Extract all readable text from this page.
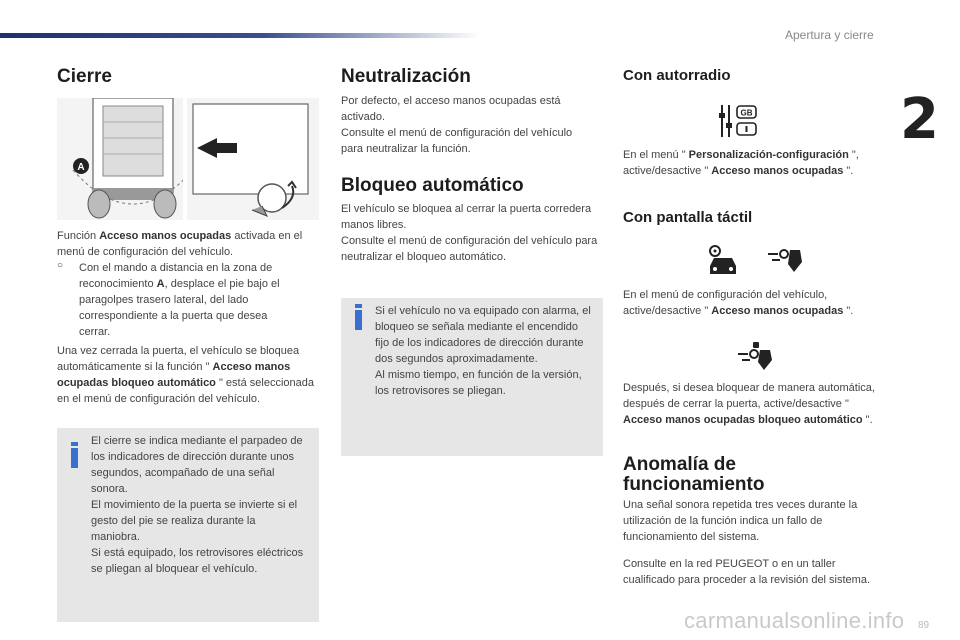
Apertura y cierre
2
89
carmanualsonline.info
Cierre
A

Función Acceso manos ocupadas activada en el menú de configuración del vehículo.

○	Con el mando a distancia en la zona de reconocimiento A, desplace el pie bajo el paragolpes trasero lateral, del lado correspondiente a la puerta que desea cerrar.

Una vez cerrada la puerta, el vehículo se bloquea automáticamente si la función " Acceso manos ocupadas bloqueo automático " está seleccionada en el menú de configuración del vehículo.

El cierre se indica mediante el parpadeo de los indicadores de dirección durante unos segundos, acompañado de una señal sonora.
El movimiento de la puerta se invierte si el gesto del pie se realiza durante la maniobra.
Si está equipado, los retrovisores eléctricos se pliegan al bloquear el vehículo.

Neutralización

Por defecto, el acceso manos ocupadas está activado.
Consulte el menú de configuración del vehículo para neutralizar la función.

Bloqueo automático

El vehículo se bloquea al cerrar la puerta corredera manos libres.
Consulte el menú de configuración del vehículo para neutralizar el bloqueo automático.

Si el vehículo no va equipado con alarma, el bloqueo se señala mediante el encendido fijo de los indicadores de dirección durante dos segundos aproximadamente.
Al mismo tiempo, en función de la versión, los retrovisores se pliegan.

Con autorradio
GB

En el menú " Personalización-configuración ", active/desactive " Acceso manos ocupadas ".

Con pantalla táctil

En el menú de configuración del vehículo, active/desactive " Acceso manos ocupadas ".

Después, si desea bloquear de manera automática, después de cerrar la puerta, active/desactive " Acceso manos ocupadas bloqueo automático ".

Anomalía de funcionamiento

Una señal sonora repetida tres veces durante la utilización de la función indica un fallo de funcionamiento del sistema.

Consulte en la red PEUGEOT o en un taller cualificado para proceder a la revisión del sistema.
